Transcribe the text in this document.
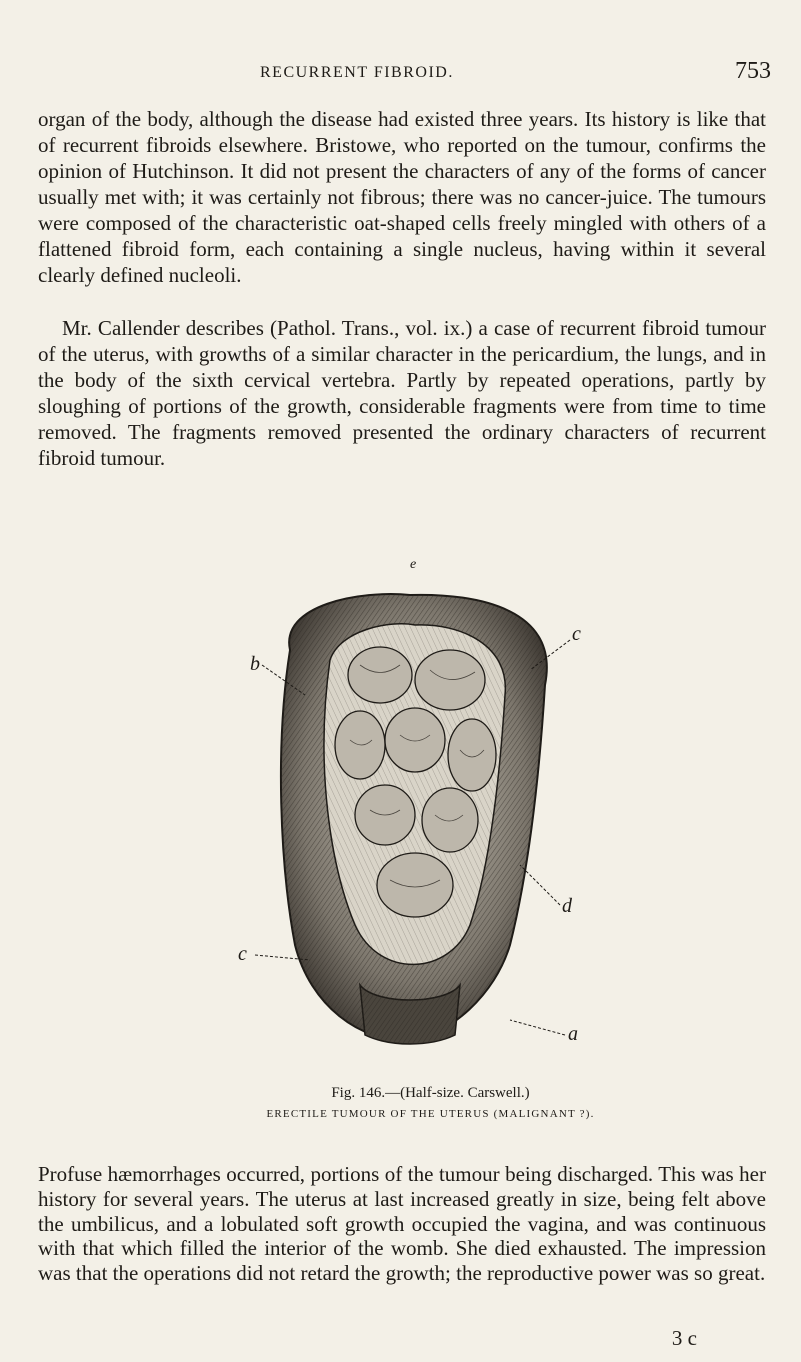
RECURRENT FIBROID.	753

organ of the body, although the disease had existed three years. Its history is like that of recurrent fibroids elsewhere. Bristowe, who reported on the tumour, confirms the opinion of Hutchinson. It did not present the characters of any of the forms of cancer usually met with; it was certainly not fibrous; there was no cancer-juice. The tumours were composed of the characteristic oat-shaped cells freely mingled with others of a flattened fibroid form, each containing a single nucleus, having within it several clearly defined nucleoli.

Mr. Callender describes (Pathol. Trans., vol. ix.) a case of recurrent fibroid tumour of the uterus, with growths of a similar character in the pericardium, the lungs, and in the body of the sixth cervical vertebra. Partly by repeated operations, partly by sloughing of portions of the growth, considerable fragments were from time to time removed. The fragments removed presented the ordinary characters of recurrent fibroid tumour.

e
b
c
d
c
a
Fig. 146.—(Half-size. Carswell.)
ERECTILE TUMOUR OF THE UTERUS (MALIGNANT ?).

Profuse hæmorrhages occurred, portions of the tumour being discharged. This was her history for several years. The uterus at last increased greatly in size, being felt above the umbilicus, and a lobulated soft growth occupied the vagina, and was continuous with that which filled the interior of the womb. She died exhausted. The impression was that the operations did not retard the growth; the reproductive power was so great.

3 c
